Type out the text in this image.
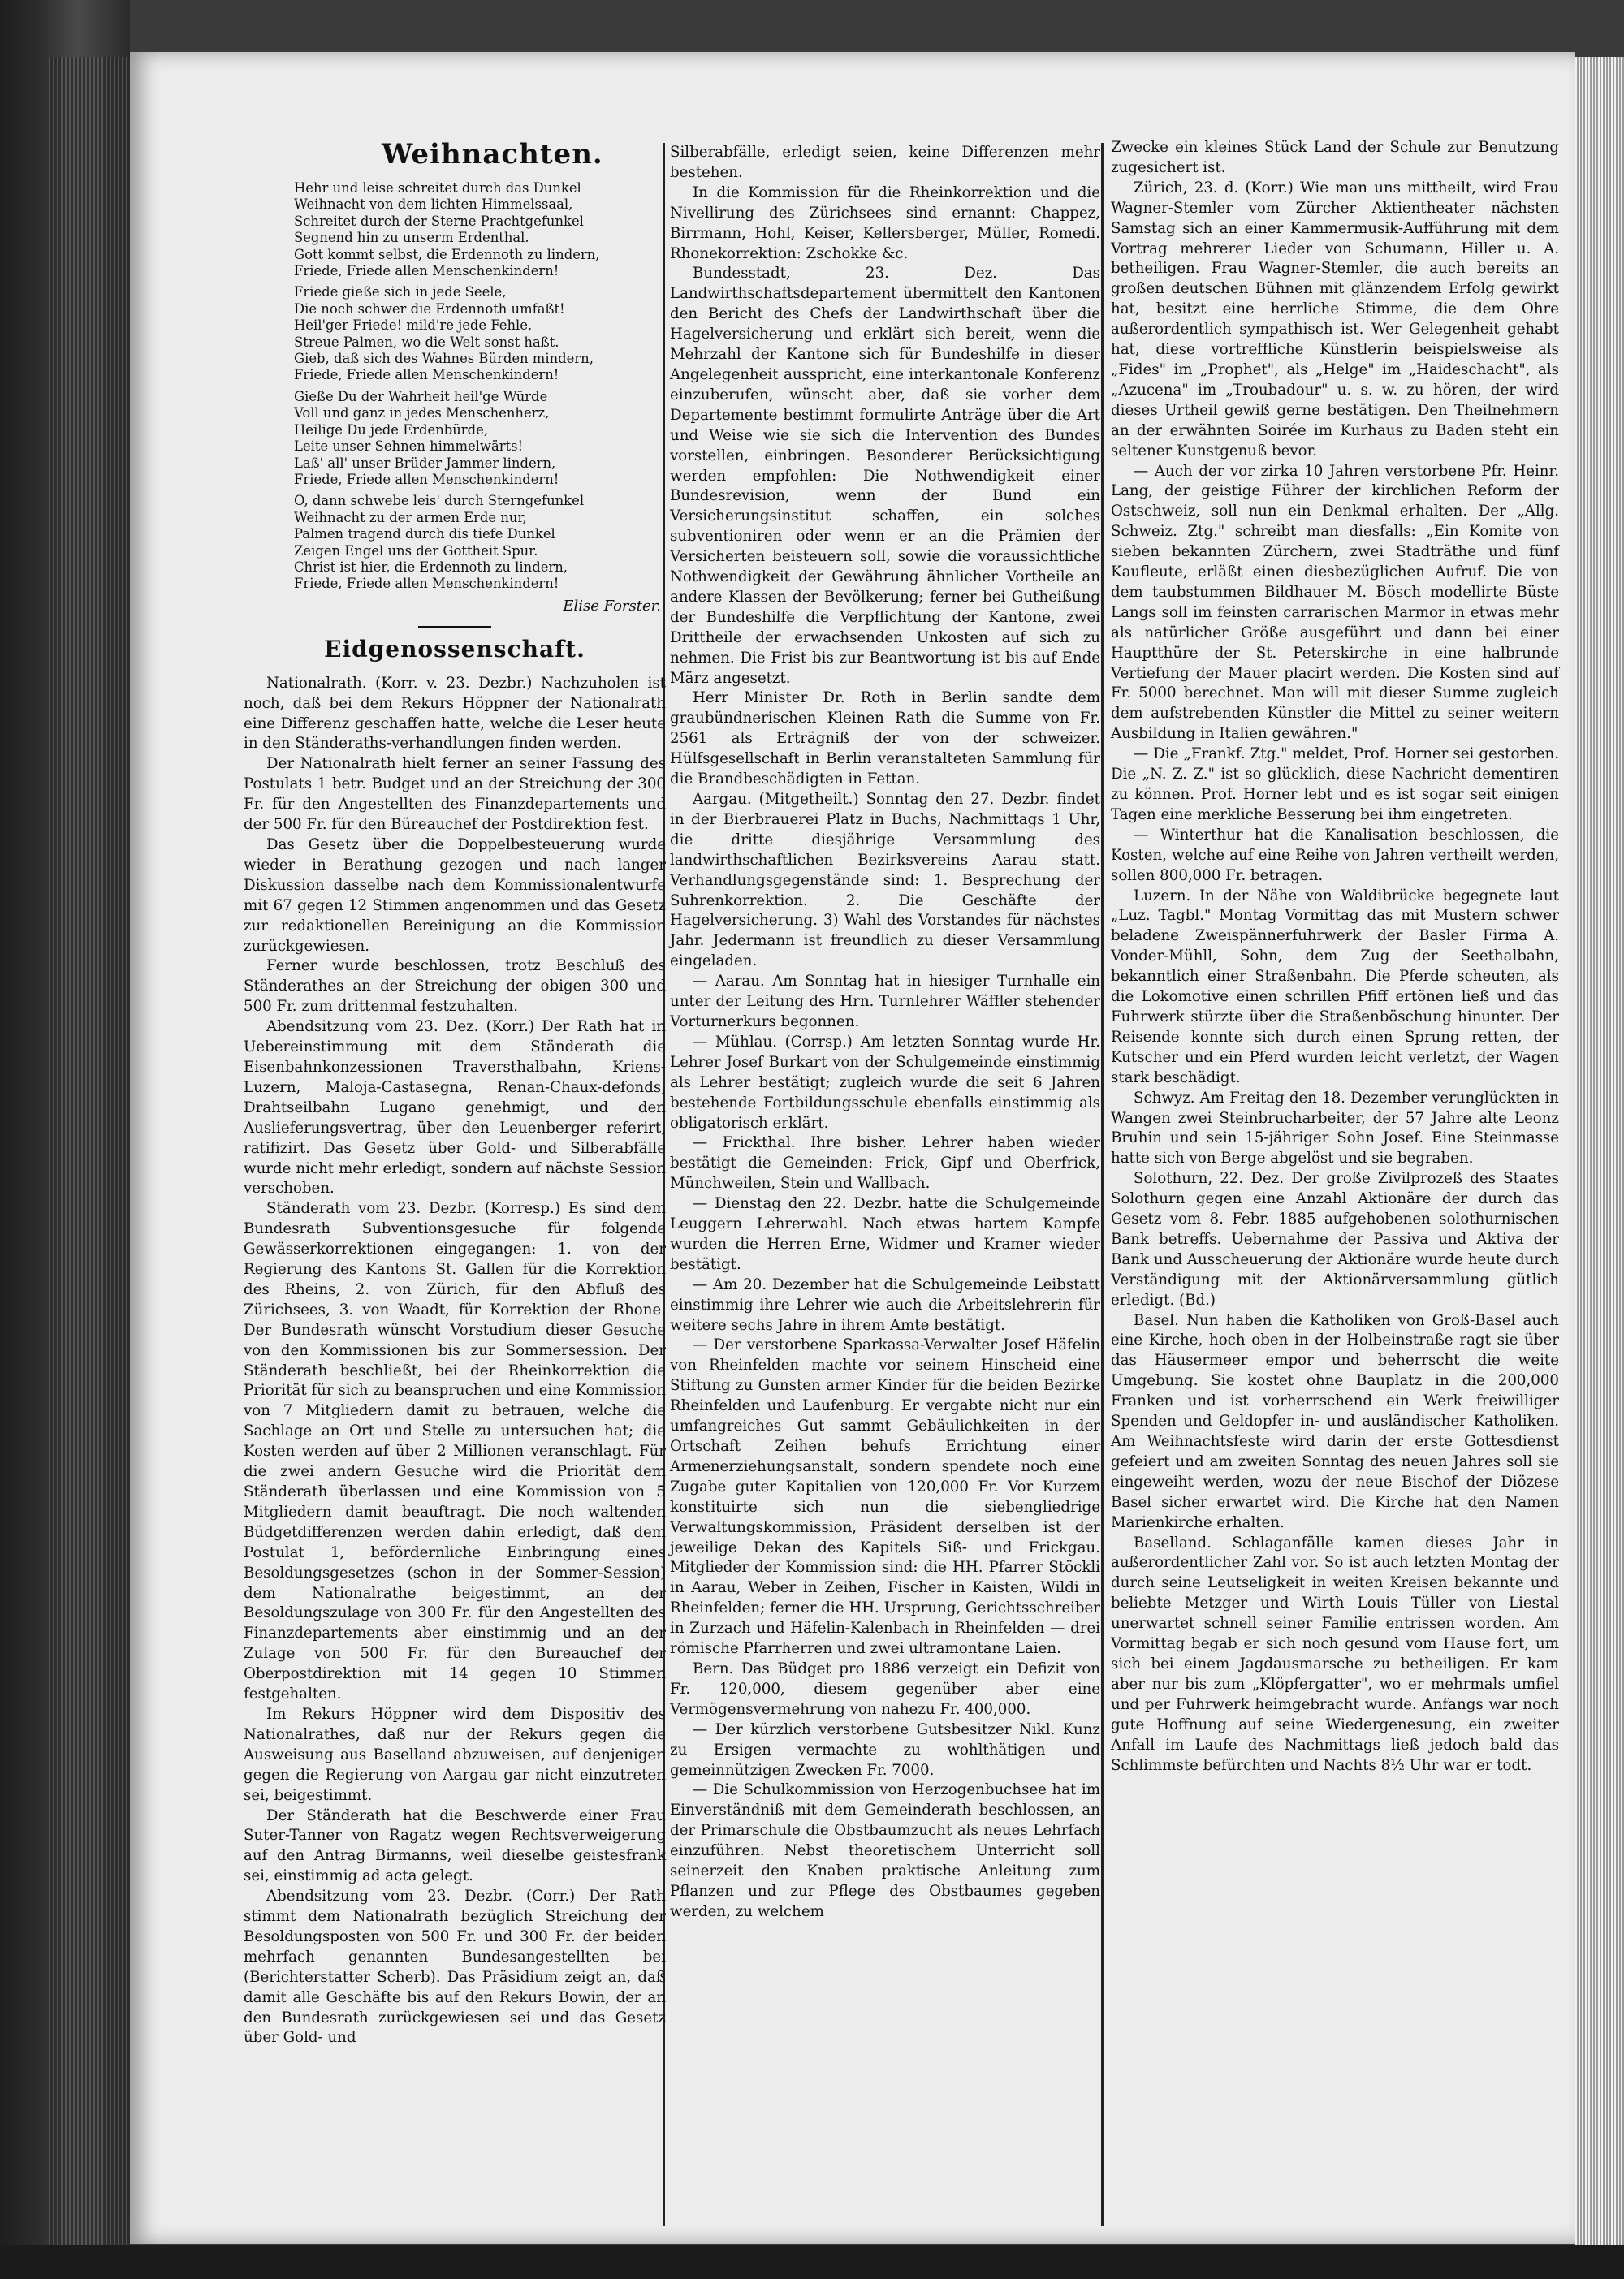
Weihnachten.
Hehr und leise schreitet durch das Dunkel
Weihnacht von dem lichten Himmelssaal,
Schreitet durch der Sterne Prachtgefunkel
Segnend hin zu unserm Erdenthal.
Gott kommt selbst, die Erdennoth zu lindern,
Friede, Friede allen Menschenkindern!
Friede gieße sich in jede Seele,
Die noch schwer die Erdennoth umfaßt!
Heil'ger Friede! mild're jede Fehle,
Streue Palmen, wo die Welt sonst haßt.
Gieb, daß sich des Wahnes Bürden mindern,
Friede, Friede allen Menschenkindern!
Gieße Du der Wahrheit heil'ge Würde
Voll und ganz in jedes Menschenherz,
Heilige Du jede Erdenbürde,
Leite unser Sehnen himmelwärts!
Laß' all' unser Brüder Jammer lindern,
Friede, Friede allen Menschenkindern!
O, dann schwebe leis' durch Sterngefunkel
Weihnacht zu der armen Erde nur,
Palmen tragend durch dis tiefe Dunkel
Zeigen Engel uns der Gottheit Spur.
Christ ist hier, die Erdennoth zu lindern,
Friede, Friede allen Menschenkindern!
Elise Forster.
Eidgenossenschaft.

Nationalrath. (Korr. v. 23. Dezbr.) Nachzuholen ist noch, daß bei dem Rekurs Höppner der Nationalrath eine Differenz geschaffen hatte, welche die Leser heute in den Ständeraths-verhandlungen finden werden.

Der Nationalrath hielt ferner an seiner Fassung des Postulats 1 betr. Budget und an der Streichung der 300 Fr. für den Angestellten des Finanzdepartements und der 500 Fr. für den Büreauchef der Postdirektion fest.

Das Gesetz über die Doppelbesteuerung wurde wieder in Berathung gezogen und nach langer Diskussion dasselbe nach dem Kommissionalentwurfe mit 67 gegen 12 Stimmen angenommen und das Gesetz zur redaktionellen Bereinigung an die Kommission zurückgewiesen.

Ferner wurde beschlossen, trotz Beschluß des Ständerathes an der Streichung der obigen 300 und 500 Fr. zum drittenmal festzuhalten.

Abendsitzung vom 23. Dez. (Korr.) Der Rath hat in Uebereinstimmung mit dem Ständerath die Eisenbahnkonzessionen Traversthalbahn, Kriens-Luzern, Maloja-Castasegna, Renan-Chaux-defonds, Drahtseilbahn Lugano genehmigt, und den Auslieferungsvertrag, über den Leuenberger referirt, ratifizirt. Das Gesetz über Gold- und Silberabfälle wurde nicht mehr erledigt, sondern auf nächste Session verschoben.

Ständerath vom 23. Dezbr. (Korresp.) Es sind dem Bundesrath Subventionsgesuche für folgende Gewässerkorrektionen eingegangen: 1. von der Regierung des Kantons St. Gallen für die Korrektion des Rheins, 2. von Zürich, für den Abfluß des Zürichsees, 3. von Waadt, für Korrektion der Rhone. Der Bundesrath wünscht Vorstudium dieser Gesuche von den Kommissionen bis zur Sommersession. Der Ständerath beschließt, bei der Rheinkorrektion die Priorität für sich zu beanspruchen und eine Kommission von 7 Mitgliedern damit zu betrauen, welche die Sachlage an Ort und Stelle zu untersuchen hat; die Kosten werden auf über 2 Millionen veranschlagt. Für die zwei andern Gesuche wird die Priorität dem Ständerath überlassen und eine Kommission von 5 Mitgliedern damit beauftragt. Die noch waltenden Büdgetdifferenzen werden dahin erledigt, daß dem Postulat 1, befördernliche Einbringung eines Besoldungsgesetzes (schon in der Sommer-Session) dem Nationalrathe beigestimmt, an der Besoldungszulage von 300 Fr. für den Angestellten des Finanzdepartements aber einstimmig und an der Zulage von 500 Fr. für den Bureauchef der Oberpostdirektion mit 14 gegen 10 Stimmen festgehalten.

Im Rekurs Höppner wird dem Dispositiv des Nationalrathes, daß nur der Rekurs gegen die Ausweisung aus Baselland abzuweisen, auf denjenigen gegen die Regierung von Aargau gar nicht einzutreten sei, beigestimmt.

Der Ständerath hat die Beschwerde einer Frau Suter-Tanner von Ragatz wegen Rechtsverweigerung auf den Antrag Birmanns, weil dieselbe geistesfrank sei, einstimmig ad acta gelegt.

Abendsitzung vom 23. Dezbr. (Corr.) Der Rath stimmt dem Nationalrath bezüglich Streichung der Besoldungsposten von 500 Fr. und 300 Fr. der beiden mehrfach genannten Bundesangestellten bei (Berichterstatter Scherb). Das Präsidium zeigt an, daß damit alle Geschäfte bis auf den Rekurs Bowin, der an den Bundesrath zurückgewiesen sei und das Gesetz über Gold- und

Silberabfälle, erledigt seien, keine Differenzen mehr bestehen.

In die Kommission für die Rheinkorrektion und die Nivellirung des Zürichsees sind ernannt: Chappez, Birrmann, Hohl, Keiser, Kellersberger, Müller, Romedi. Rhonekorrektion: Zschokke &c.

Bundesstadt, 23. Dez. Das Landwirthschaftsdepartement übermittelt den Kantonen den Bericht des Chefs der Landwirthschaft über die Hagelversicherung und erklärt sich bereit, wenn die Mehrzahl der Kantone sich für Bundeshilfe in dieser Angelegenheit ausspricht, eine interkantonale Konferenz einzuberufen, wünscht aber, daß sie vorher dem Departemente bestimmt formulirte Anträge über die Art und Weise wie sie sich die Intervention des Bundes vorstellen, einbringen. Besonderer Berücksichtigung werden empfohlen: Die Nothwendigkeit einer Bundesrevision, wenn der Bund ein Versicherungsinstitut schaffen, ein solches subventioniren oder wenn er an die Prämien der Versicherten beisteuern soll, sowie die voraussichtliche Nothwendigkeit der Gewährung ähnlicher Vortheile an andere Klassen der Bevölkerung; ferner bei Gutheißung der Bundeshilfe die Verpflichtung der Kantone, zwei Drittheile der erwachsenden Unkosten auf sich zu nehmen. Die Frist bis zur Beantwortung ist bis auf Ende März angesetzt.

Herr Minister Dr. Roth in Berlin sandte dem graubündnerischen Kleinen Rath die Summe von Fr. 2561 als Erträgniß der von der schweizer. Hülfsgesellschaft in Berlin veranstalteten Sammlung für die Brandbeschädigten in Fettan.

Aargau. (Mitgetheilt.) Sonntag den 27. Dezbr. findet in der Bierbrauerei Platz in Buchs, Nachmittags 1 Uhr, die dritte diesjährige Versammlung des landwirthschaftlichen Bezirksvereins Aarau statt. Verhandlungsgegenstände sind: 1. Besprechung der Suhrenkorrektion. 2. Die Geschäfte der Hagelversicherung. 3) Wahl des Vorstandes für nächstes Jahr. Jedermann ist freundlich zu dieser Versammlung eingeladen.

— Aarau. Am Sonntag hat in hiesiger Turnhalle ein unter der Leitung des Hrn. Turnlehrer Wäffler stehender Vorturnerkurs begonnen.

— Mühlau. (Corrsp.) Am letzten Sonntag wurde Hr. Lehrer Josef Burkart von der Schulgemeinde einstimmig als Lehrer bestätigt; zugleich wurde die seit 6 Jahren bestehende Fortbildungsschule ebenfalls einstimmig als obligatorisch erklärt.

— Frickthal. Ihre bisher. Lehrer haben wieder bestätigt die Gemeinden: Frick, Gipf und Oberfrick, Münchweilen, Stein und Wallbach.

— Dienstag den 22. Dezbr. hatte die Schulgemeinde Leuggern Lehrerwahl. Nach etwas hartem Kampfe wurden die Herren Erne, Widmer und Kramer wieder bestätigt.

— Am 20. Dezember hat die Schulgemeinde Leibstatt einstimmig ihre Lehrer wie auch die Arbeitslehrerin für weitere sechs Jahre in ihrem Amte bestätigt.

— Der verstorbene Sparkassa-Verwalter Josef Häfelin von Rheinfelden machte vor seinem Hinscheid eine Stiftung zu Gunsten armer Kinder für die beiden Bezirke Rheinfelden und Laufenburg. Er vergabte nicht nur ein umfangreiches Gut sammt Gebäulichkeiten in der Ortschaft Zeihen behufs Errichtung einer Armenerziehungsanstalt, sondern spendete noch eine Zugabe guter Kapitalien von 120,000 Fr. Vor Kurzem konstituirte sich nun die siebengliedrige Verwaltungskommission, Präsident derselben ist der jeweilige Dekan des Kapitels Siß- und Frickgau. Mitglieder der Kommission sind: die HH. Pfarrer Stöckli in Aarau, Weber in Zeihen, Fischer in Kaisten, Wildi in Rheinfelden; ferner die HH. Ursprung, Gerichtsschreiber in Zurzach und Häfelin-Kalenbach in Rheinfelden — drei römische Pfarrherren und zwei ultramontane Laien.

Bern. Das Büdget pro 1886 verzeigt ein Defizit von Fr. 120,000, diesem gegenüber aber eine Vermögensvermehrung von nahezu Fr. 400,000.

— Der kürzlich verstorbene Gutsbesitzer Nikl. Kunz zu Ersigen vermachte zu wohlthätigen und gemeinnützigen Zwecken Fr. 7000.

— Die Schulkommission von Herzogenbuchsee hat im Einverständniß mit dem Gemeinderath beschlossen, an der Primarschule die Obstbaumzucht als neues Lehrfach einzuführen. Nebst theoretischem Unterricht soll seinerzeit den Knaben praktische Anleitung zum Pflanzen und zur Pflege des Obstbaumes gegeben werden, zu welchem

Zwecke ein kleines Stück Land der Schule zur Benutzung zugesichert ist.

Zürich, 23. d. (Korr.) Wie man uns mittheilt, wird Frau Wagner-Stemler vom Zürcher Aktientheater nächsten Samstag sich an einer Kammermusik-Aufführung mit dem Vortrag mehrerer Lieder von Schumann, Hiller u. A. betheiligen. Frau Wagner-Stemler, die auch bereits an großen deutschen Bühnen mit glänzendem Erfolg gewirkt hat, besitzt eine herrliche Stimme, die dem Ohre außerordentlich sympathisch ist. Wer Gelegenheit gehabt hat, diese vortreffliche Künstlerin beispielsweise als „Fides" im „Prophet", als „Helge" im „Haideschacht", als „Azucena" im „Troubadour" u. s. w. zu hören, der wird dieses Urtheil gewiß gerne bestätigen. Den Theilnehmern an der erwähnten Soirée im Kurhaus zu Baden steht ein seltener Kunstgenuß bevor.

— Auch der vor zirka 10 Jahren verstorbene Pfr. Heinr. Lang, der geistige Führer der kirchlichen Reform der Ostschweiz, soll nun ein Denkmal erhalten. Der „Allg. Schweiz. Ztg." schreibt man diesfalls: „Ein Komite von sieben bekannten Zürchern, zwei Stadträthe und fünf Kaufleute, erläßt einen diesbezüglichen Aufruf. Die von dem taubstummen Bildhauer M. Bösch modellirte Büste Langs soll im feinsten carrarischen Marmor in etwas mehr als natürlicher Größe ausgeführt und dann bei einer Hauptthüre der St. Peterskirche in eine halbrunde Vertiefung der Mauer placirt werden. Die Kosten sind auf Fr. 5000 berechnet. Man will mit dieser Summe zugleich dem aufstrebenden Künstler die Mittel zu seiner weitern Ausbildung in Italien gewähren."

— Die „Frankf. Ztg." meldet, Prof. Horner sei gestorben. Die „N. Z. Z." ist so glücklich, diese Nachricht dementiren zu können. Prof. Horner lebt und es ist sogar seit einigen Tagen eine merkliche Besserung bei ihm eingetreten.

— Winterthur hat die Kanalisation beschlossen, die Kosten, welche auf eine Reihe von Jahren vertheilt werden, sollen 800,000 Fr. betragen.

Luzern. In der Nähe von Waldibrücke begegnete laut „Luz. Tagbl." Montag Vormittag das mit Mustern schwer beladene Zweispännerfuhrwerk der Basler Firma A. Vonder-Mühll, Sohn, dem Zug der Seethalbahn, bekanntlich einer Straßenbahn. Die Pferde scheuten, als die Lokomotive einen schrillen Pfiff ertönen ließ und das Fuhrwerk stürzte über die Straßenböschung hinunter. Der Reisende konnte sich durch einen Sprung retten, der Kutscher und ein Pferd wurden leicht verletzt, der Wagen stark beschädigt.

Schwyz. Am Freitag den 18. Dezember verunglückten in Wangen zwei Steinbrucharbeiter, der 57 Jahre alte Leonz Bruhin und sein 15-jähriger Sohn Josef. Eine Steinmasse hatte sich von Berge abgelöst und sie begraben.

Solothurn, 22. Dez. Der große Zivilprozeß des Staates Solothurn gegen eine Anzahl Aktionäre der durch das Gesetz vom 8. Febr. 1885 aufgehobenen solothurnischen Bank betreffs. Uebernahme der Passiva und Aktiva der Bank und Ausscheuerung der Aktionäre wurde heute durch Verständigung mit der Aktionärversammlung gütlich erledigt. (Bd.)

Basel. Nun haben die Katholiken von Groß-Basel auch eine Kirche, hoch oben in der Holbeinstraße ragt sie über das Häusermeer empor und beherrscht die weite Umgebung. Sie kostet ohne Bauplatz in die 200,000 Franken und ist vorherrschend ein Werk freiwilliger Spenden und Geldopfer in- und ausländischer Katholiken. Am Weihnachtsfeste wird darin der erste Gottesdienst gefeiert und am zweiten Sonntag des neuen Jahres soll sie eingeweiht werden, wozu der neue Bischof der Diözese Basel sicher erwartet wird. Die Kirche hat den Namen Marienkirche erhalten.

Baselland. Schlaganfälle kamen dieses Jahr in außerordentlicher Zahl vor. So ist auch letzten Montag der durch seine Leutseligkeit in weiten Kreisen bekannte und beliebte Metzger und Wirth Louis Tüller von Liestal unerwartet schnell seiner Familie entrissen worden. Am Vormittag begab er sich noch gesund vom Hause fort, um sich bei einem Jagdausmarsche zu betheiligen. Er kam aber nur bis zum „Klöpfergatter", wo er mehrmals umfiel und per Fuhrwerk heimgebracht wurde. Anfangs war noch gute Hoffnung auf seine Wiedergenesung, ein zweiter Anfall im Laufe des Nachmittags ließ jedoch bald das Schlimmste befürchten und Nachts 8½ Uhr war er todt.
